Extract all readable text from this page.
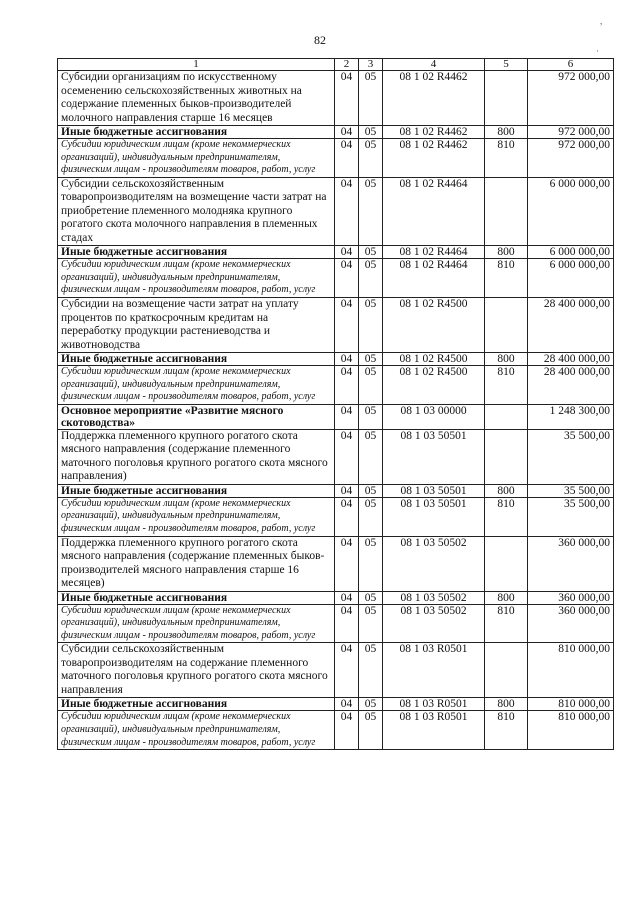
82
,
·
1	2	3	4	5	6
Субсидии организациям по искусственному осеменению сельскохозяйственных животных на содержание племенных быков-производителей молочного направления старше 16 месяцев	04	05	08 1 02 R4462		972 000,00
Иные бюджетные ассигнования	04	05	08 1 02 R4462	800	972 000,00
Субсидии юридическим лицам (кроме некоммерческих организаций), индивидуальным предпринимателям, физическим лицам - производителям товаров, работ, услуг	04	05	08 1 02 R4462	810	972 000,00
Субсидии сельскохозяйственным товаропроизводителям на возмещение части затрат на приобретение племенного молодняка крупного рогатого скота молочного направления в племенных стадах	04	05	08 1 02 R4464		6 000 000,00
Иные бюджетные ассигнования	04	05	08 1 02 R4464	800	6 000 000,00
Субсидии юридическим лицам (кроме некоммерческих организаций), индивидуальным предпринимателям, физическим лицам - производителям товаров, работ, услуг	04	05	08 1 02 R4464	810	6 000 000,00
Субсидии на возмещение части затрат на уплату процентов по краткосрочным кредитам на переработку продукции растениеводства и животноводства	04	05	08 1 02 R4500		28 400 000,00
Иные бюджетные ассигнования	04	05	08 1 02 R4500	800	28 400 000,00
Субсидии юридическим лицам (кроме некоммерческих организаций), индивидуальным предпринимателям, физическим лицам - производителям товаров, работ, услуг	04	05	08 1 02 R4500	810	28 400 000,00
Основное мероприятие «Развитие мясного скотоводства»	04	05	08 1 03 00000		1 248 300,00
Поддержка племенного крупного рогатого скота мясного направления (содержание племенного маточного поголовья крупного рогатого скота мясного направления)	04	05	08 1 03 50501		35 500,00
Иные бюджетные ассигнования	04	05	08 1 03 50501	800	35 500,00
Субсидии юридическим лицам (кроме некоммерческих организаций), индивидуальным предпринимателям, физическим лицам - производителям товаров, работ, услуг	04	05	08 1 03 50501	810	35 500,00
Поддержка племенного крупного рогатого скота мясного направления (содержание племенных быков-производителей мясного направления старше 16 месяцев)	04	05	08 1 03 50502		360 000,00
Иные бюджетные ассигнования	04	05	08 1 03 50502	800	360 000,00
Субсидии юридическим лицам (кроме некоммерческих организаций), индивидуальным предпринимателям, физическим лицам - производителям товаров, работ, услуг	04	05	08 1 03 50502	810	360 000,00
Субсидии сельскохозяйственным товаропроизводителям на содержание племенного маточного поголовья крупного рогатого скота мясного направления	04	05	08 1 03 R0501		810 000,00
Иные бюджетные ассигнования	04	05	08 1 03 R0501	800	810 000,00
Субсидии юридическим лицам (кроме некоммерческих организаций), индивидуальным предпринимателям, физическим лицам - производителям товаров, работ, услуг	04	05	08 1 03 R0501	810	810 000,00
